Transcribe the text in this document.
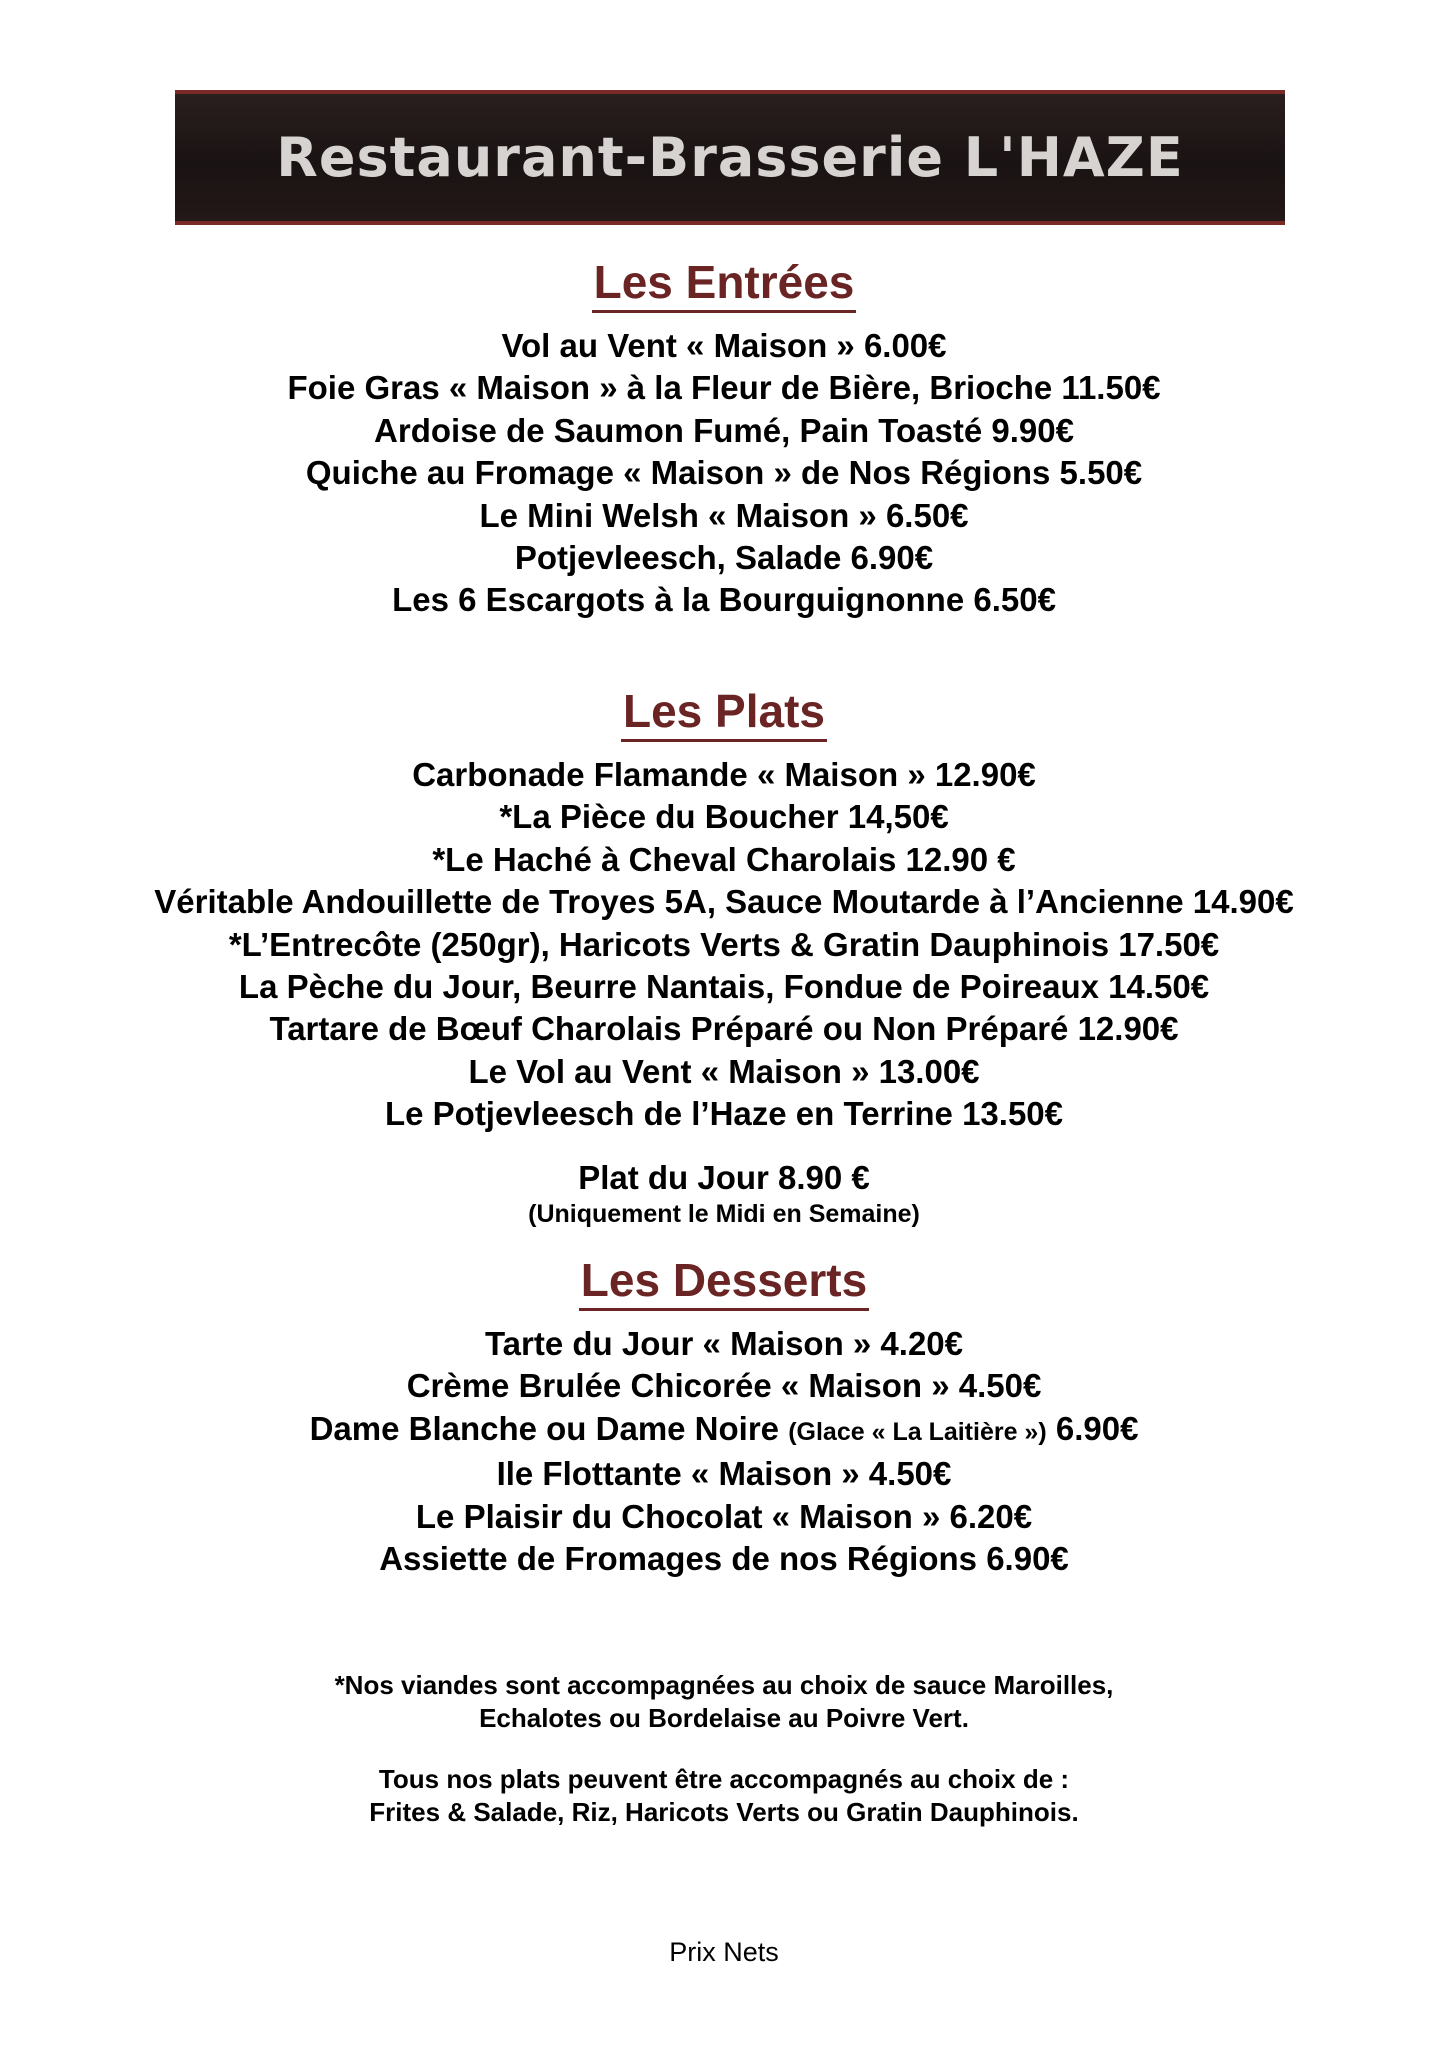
Restaurant-Brasserie L'HAZE
Les Entrées
Vol au Vent « Maison » 6.00€
Foie Gras « Maison » à la Fleur de Bière, Brioche 11.50€
Ardoise de Saumon Fumé, Pain Toasté 9.90€
Quiche au Fromage « Maison » de Nos Régions 5.50€
Le Mini Welsh « Maison » 6.50€
Potjevleesch, Salade 6.90€
Les 6 Escargots à la Bourguignonne 6.50€
Les Plats
Carbonade Flamande « Maison » 12.90€
*La Pièce du Boucher 14,50€
*Le Haché à Cheval Charolais 12.90 €
Véritable Andouillette de Troyes 5A, Sauce Moutarde à l’Ancienne 14.90€
*L’Entrecôte (250gr), Haricots Verts & Gratin Dauphinois 17.50€
La Pèche du Jour, Beurre Nantais, Fondue de Poireaux 14.50€
Tartare de Bœuf Charolais Préparé ou Non Préparé 12.90€
Le Vol au Vent « Maison » 13.00€
Le Potjevleesch de l’Haze en Terrine 13.50€
Plat du Jour 8.90 €
(Uniquement le Midi en Semaine)
Les Desserts
Tarte du Jour « Maison » 4.20€
Crème Brulée Chicorée « Maison » 4.50€
Dame Blanche ou Dame Noire (Glace « La Laitière ») 6.90€
Ile Flottante « Maison » 4.50€
Le Plaisir du Chocolat « Maison » 6.20€
Assiette de Fromages de nos Régions 6.90€
*Nos viandes sont accompagnées au choix de sauce Maroilles,
Echalotes ou Bordelaise au Poivre Vert.
Tous nos plats peuvent être accompagnés au choix de :
Frites & Salade, Riz, Haricots Verts ou Gratin Dauphinois.
Prix Nets
